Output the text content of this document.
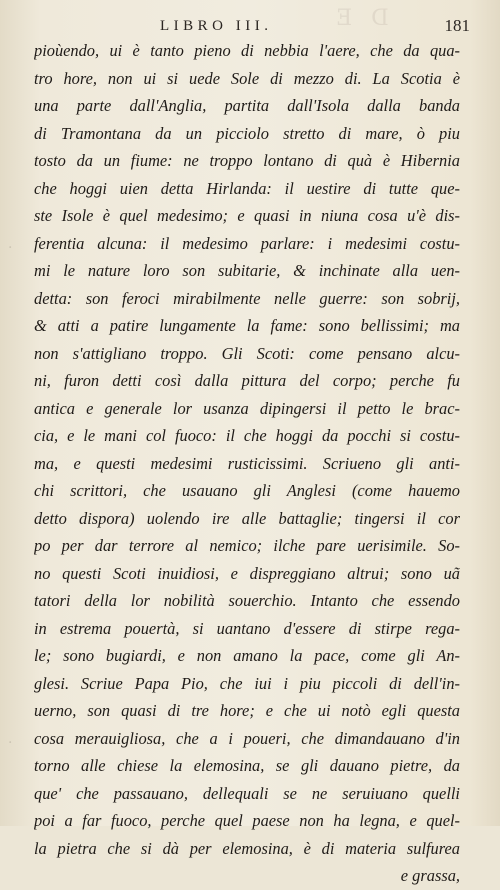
D E
·
·
LIBRO III.	181
pioùendo, ui è tanto pieno di nebbia l'aere, che da qua-
tro hore, non ui si uede Sole di mezzo di. La Scotia è
una parte dall'Anglia, partita dall'Isola dalla banda
di Tramontana da un picciolo stretto di mare, ò piu
tosto da un fiume: ne troppo lontano di quà è Hibernia
che hoggi uien detta Hirlanda: il uestire di tutte que-
ste Isole è quel medesimo; e quasi in niuna cosa u'è dis-
ferentia alcuna: il medesimo parlare: i medesimi costu-
mi le nature loro son subitarie, & inchinate alla uen-
detta: son feroci mirabilmente nelle guerre: son sobrij,
& atti a patire lungamente la fame: sono bellissimi; ma
non s'attigliano troppo. Gli Scoti: come pensano alcu-
ni, furon detti così dalla pittura del corpo; perche fu
antica e generale lor usanza dipingersi il petto le brac-
cia, e le mani col fuoco: il che hoggi da pocchi si costu-
ma, e questi medesimi rusticissimi. Scriueno gli anti-
chi scrittori, che usauano gli Anglesi (come hauemo
detto dispora) uolendo ire alle battaglie; tingersi il cor
po per dar terrore al nemico; ilche pare uerisimile. So-
no questi Scoti inuidiosi, e dispreggiano altrui; sono uã
tatori della lor nobilità souerchio. Intanto che essendo
in estrema pouertà, si uantano d'essere di stirpe rega-
le; sono bugiardi, e non amano la pace, come gli An-
glesi. Scriue Papa Pio, che iui i piu piccoli di dell'in-
uerno, son quasi di tre hore; e che ui notò egli questa
cosa merauigliosa, che a i poueri, che dimandauano d'in
torno alle chiese la elemosina, se gli dauano pietre, da
que' che passauano, dellequali se ne seruiuano quelli
poi a far fuoco, perche quel paese non ha legna, e quel-
la pietra che si dà per elemosina, è di materia sulfurea
e grassa,
